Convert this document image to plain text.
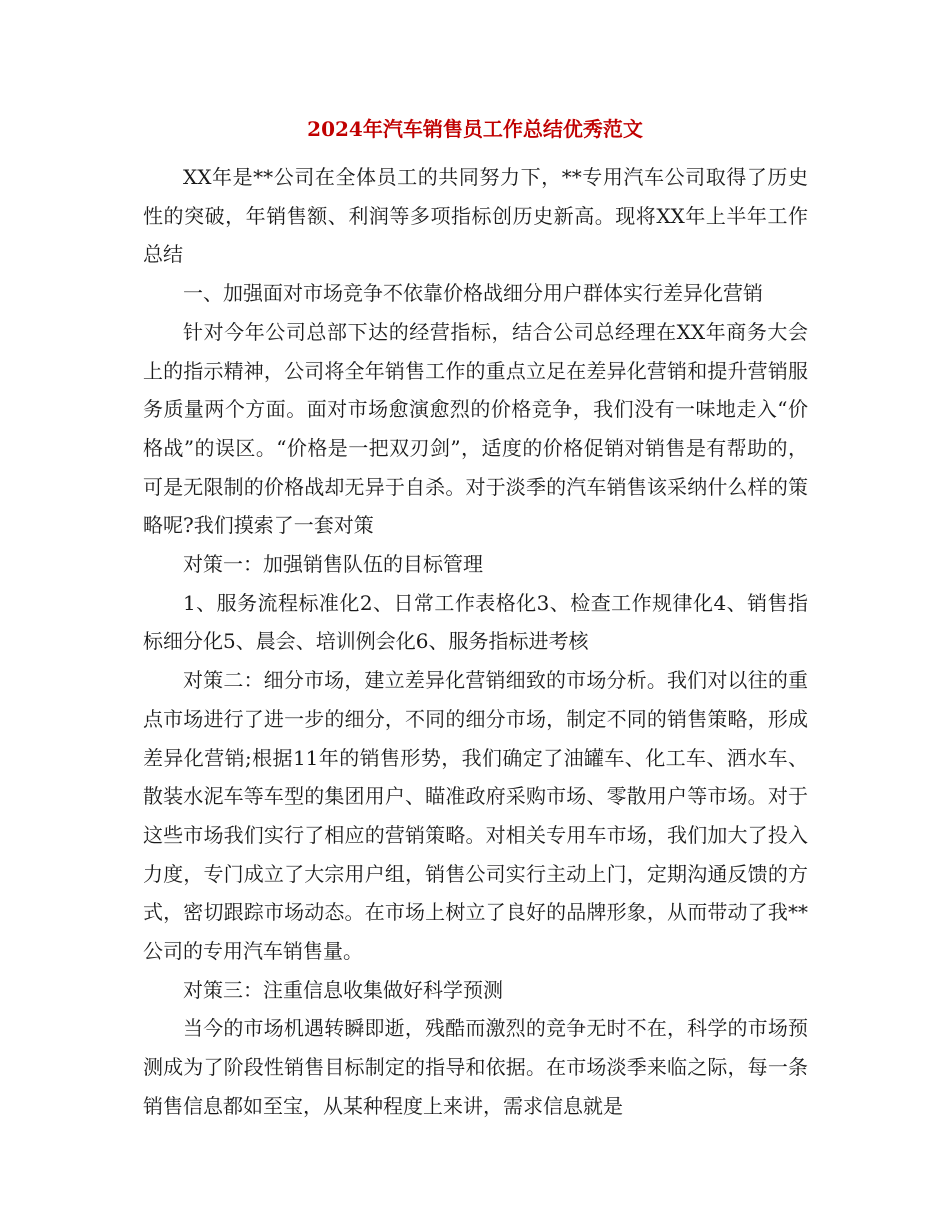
2024年汽车销售员工作总结优秀范文

XX年是**公司在全体员工的共同努力下，**专用汽车公司取得了历史性的突破，年销售额、利润等多项指标创历史新高。现将XX年上半年工作总结

一、加强面对市场竞争不依靠价格战细分用户群体实行差异化营销

针对今年公司总部下达的经营指标，结合公司总经理在XX年商务大会上的指示精神，公司将全年销售工作的重点立足在差异化营销和提升营销服务质量两个方面。面对市场愈演愈烈的价格竞争，我们没有一味地走入“价格战”的误区。“价格是一把双刃剑”，适度的价格促销对销售是有帮助的，可是无限制的价格战却无异于自杀。对于淡季的汽车销售该采纳什么样的策略呢?我们摸索了一套对策

对策一：加强销售队伍的目标管理

1、服务流程标准化2、日常工作表格化3、检查工作规律化4、销售指标细分化5、晨会、培训例会化6、服务指标进考核

对策二：细分市场，建立差异化营销细致的市场分析。我们对以往的重点市场进行了进一步的细分，不同的细分市场，制定不同的销售策略，形成差异化营销;根据11年的销售形势，我们确定了油罐车、化工车、洒水车、散装水泥车等车型的集团用户、瞄准政府采购市场、零散用户等市场。对于这些市场我们实行了相应的营销策略。对相关专用车市场，我们加大了投入力度，专门成立了大宗用户组，销售公司实行主动上门，定期沟通反馈的方式，密切跟踪市场动态。在市场上树立了良好的品牌形象，从而带动了我**公司的专用汽车销售量。

对策三：注重信息收集做好科学预测

当今的市场机遇转瞬即逝，残酷而激烈的竞争无时不在，科学的市场预测成为了阶段性销售目标制定的指导和依据。在市场淡季来临之际，每一条销售信息都如至宝，从某种程度上来讲，需求信息就是
